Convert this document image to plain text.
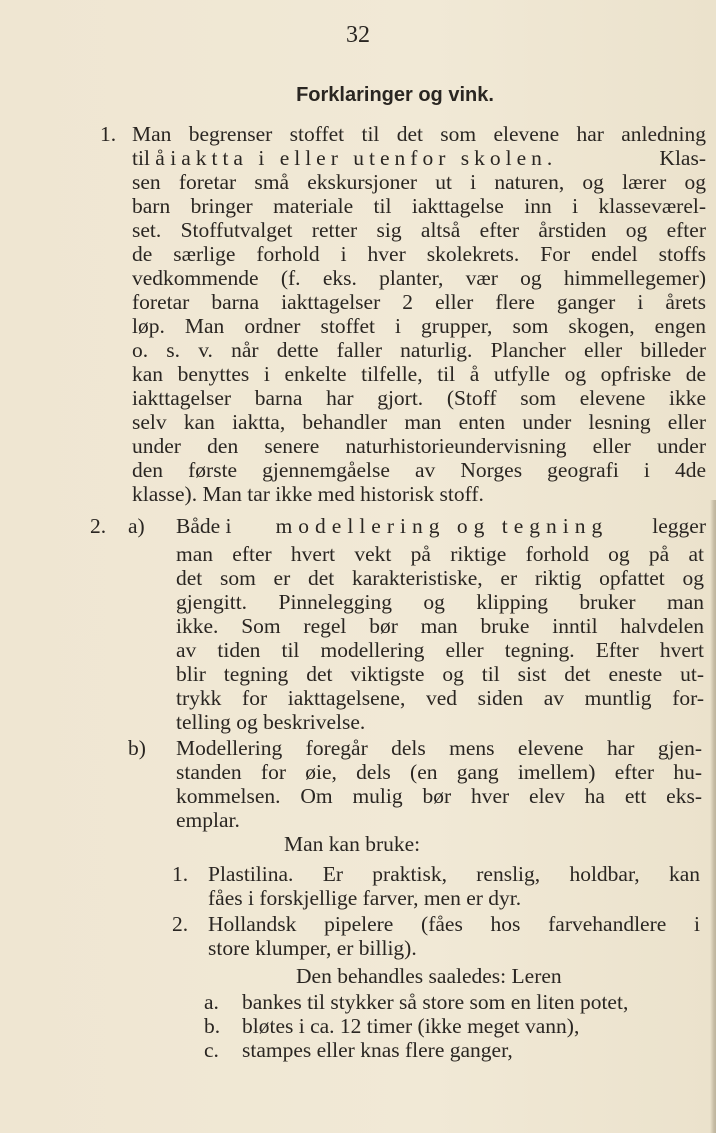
32
Forklaringer og vink.
1. Man begrenser stoffet til det som elevene har anledning
til å iaktta i eller utenfor skolen.	Klas-
sen foretar små ekskursjoner ut i naturen, og lærer og
barn bringer materiale til iakttagelse inn i klasseværel-
set. Stoffutvalget retter sig altså efter årstiden og efter
de særlige forhold i hver skolekrets. For endel stoffs
vedkommende (f. eks. planter, vær og himmellegemer)
foretar barna iakttagelser 2 eller flere ganger i årets
løp. Man ordner stoffet i grupper, som skogen, engen
o. s. v. når dette faller naturlig. Plancher eller billeder
kan benyttes i enkelte tilfelle, til å utfylle og opfriske de
iakttagelser barna har gjort. (Stoff som elevene ikke
selv kan iaktta, behandler man enten under lesning eller
under den senere naturhistorieundervisning eller under
den første gjennemgåelse av Norges geografi i 4de
klasse). Man tar ikke med historisk stoff.
2. a) Både i modellering og tegning legger
man efter hvert vekt på riktige forhold og på at
det som er det karakteristiske, er riktig opfattet og
gjengitt. Pinnelegging og klipping bruker man
ikke. Som regel bør man bruke inntil halvdelen
av tiden til modellering eller tegning. Efter hvert
blir tegning det viktigste og til sist det eneste ut-
trykk for iakttagelsene, ved siden av muntlig for-
telling og beskrivelse.
b) Modellering foregår dels mens elevene har gjen-
standen for øie, dels (en gang imellem) efter hu-
kommelsen. Om mulig bør hver elev ha ett eks-
emplar.
Man kan bruke:
1. Plastilina. Er praktisk, renslig, holdbar, kan
fåes i forskjellige farver, men er dyr.
2. Hollandsk pipelere (fåes hos farvehandlere i
store klumper, er billig).
Den behandles saaledes: Leren
a. bankes til stykker så store som en liten potet,
b. bløtes i ca. 12 timer (ikke meget vann),
c. stampes eller knas flere ganger,
